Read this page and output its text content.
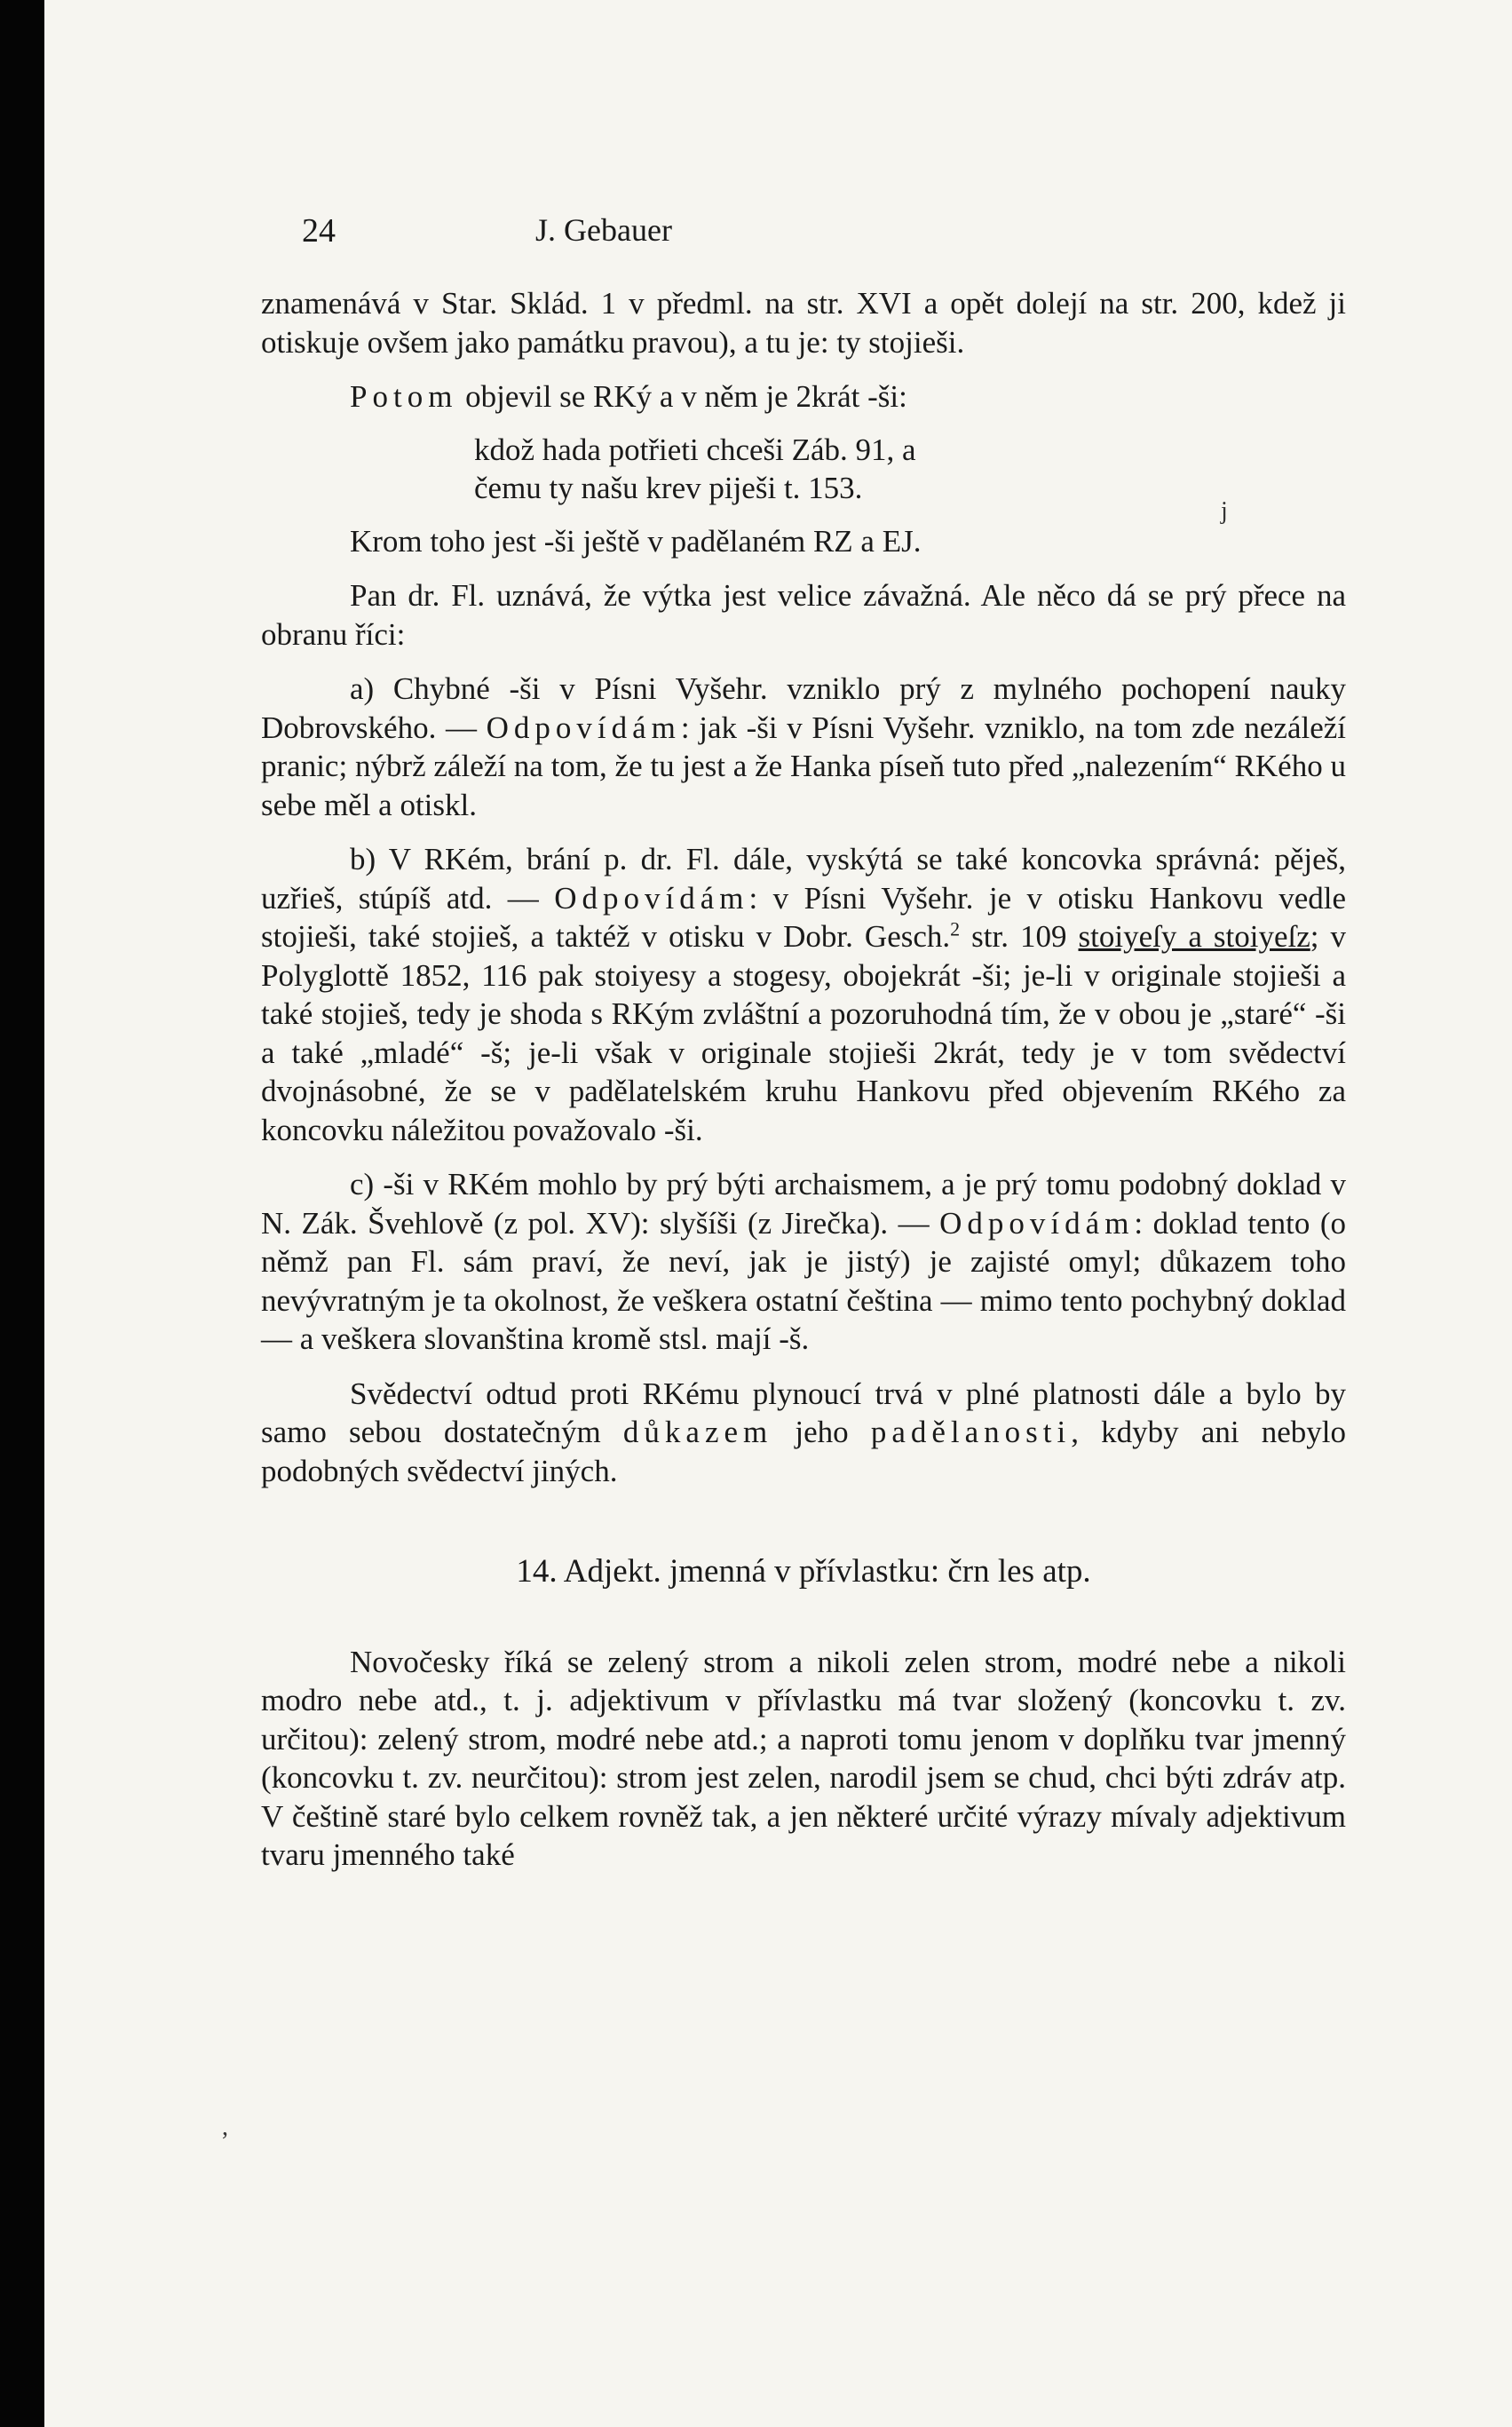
24	J. Gebauer
j
,

znamenává v Star. Sklád. 1 v předml. na str. XVI a opět dolejí na str. 200, kdež ji otiskuje ovšem jako památku pravou), a tu je: ty stojieši.

Potom objevil se RKý a v něm je 2krát -ši:

kdož hada potřieti chceši Záb. 91, a
čemu ty našu krev piješi t. 153.

Krom toho jest -ši ještě v padělaném RZ a EJ.

Pan dr. Fl. uznává, že výtka jest velice závažná. Ale něco dá se prý přece na obranu říci:

a) Chybné -ši v Písni Vyšehr. vzniklo prý z mylného pochopení nauky Dobrovského. — Odpovídám: jak -ši v Písni Vyšehr. vzniklo, na tom zde nezáleží pranic; nýbrž záleží na tom, že tu jest a že Hanka píseň tuto před „nalezením“ RKého u sebe měl a otiskl.

b) V RKém, brání p. dr. Fl. dále, vyskýtá se také koncovka správná: pěješ, uzřieš, stúpíš atd. — Odpovídám: v Písni Vyšehr. je v otisku Hankovu vedle stojieši, také stojieš, a taktéž v otisku v Dobr. Gesch.$^2$ str. 109 stoiyeſy a stoiyeſz; v Polyglottě 1852, 116 pak stoiyesy a stogesy, obojekrát -ši; je-li v originale stojieši a také stojieš, tedy je shoda s RKým zvláštní a pozoruhodná tím, že v obou je „staré“ -ši a také „mladé“ -š; je-li však v originale stojieši 2krát, tedy je v tom svědectví dvojnásobné, že se v padělatelském kruhu Hankovu před objevením RKého za koncovku náležitou považovalo -ši.

c) -ši v RKém mohlo by prý býti archaismem, a je prý tomu podobný doklad v N. Zák. Švehlově (z pol. XV): slyšíši (z Jirečka). — Odpovídám: doklad tento (o němž pan Fl. sám praví, že neví, jak je jistý) je zajisté omyl; důkazem toho nevývratným je ta okolnost, že veškera ostatní čeština — mimo tento pochybný doklad — a veškera slovanština kromě stsl. mají -š.

Svědectví odtud proti RKému plynoucí trvá v plné platnosti dále a bylo by samo sebou dostatečným důkazem jeho padělanosti, kdyby ani nebylo podobných svědectví jiných.

14. Adjekt. jmenná v přívlastku: črn les atp.

Novočesky říká se zelený strom a nikoli zelen strom, modré nebe a nikoli modro nebe atd., t. j. adjektivum v přívlastku má tvar složený (koncovku t. zv. určitou): zelený strom, modré nebe atd.; a naproti tomu jenom v doplňku tvar jmenný (koncovku t. zv. neurčitou): strom jest zelen, narodil jsem se chud, chci býti zdráv atp. V češtině staré bylo celkem rovněž tak, a jen některé určité výrazy mívaly adjektivum tvaru jmenného také
